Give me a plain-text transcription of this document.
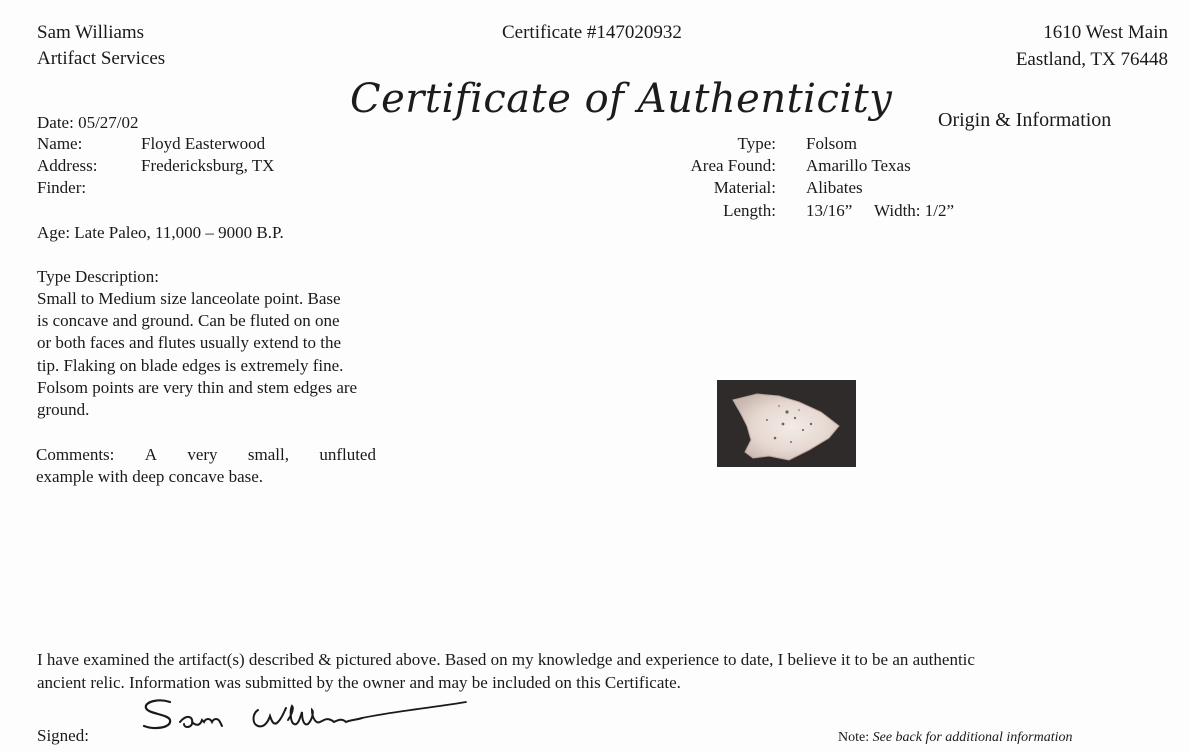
Sam Williams
Artifact Services
Certificate #147020932	1610 West Main
Eastland, TX 76448
Certificate of Authenticity Origin & Information
Date: 05/27/02
Name:	Floyd Easterwood
Address:	Fredericksburg, TX
Finder:
Type: Folsom
Area Found: Amarillo Texas
Material: Alibates
Length: 13/16” Width: 1/2”
Age: Late Paleo, 11,000 – 9000 B.P.
Type Description:
Small to Medium size lanceolate point. Base
is concave and ground. Can be fluted on one
or both faces and flutes usually extend to the
tip. Flaking on blade edges is extremely fine.
Folsom points are very thin and stem edges are
ground.
Comments: A very small, unfluted
example with deep concave base.
I have examined the artifact(s) described & pictured above. Based on my knowledge and experience to date, I believe it to be an authentic
ancient relic. Information was submitted by the owner and may be included on this Certificate.
Signed:	Note: See back for additional information
